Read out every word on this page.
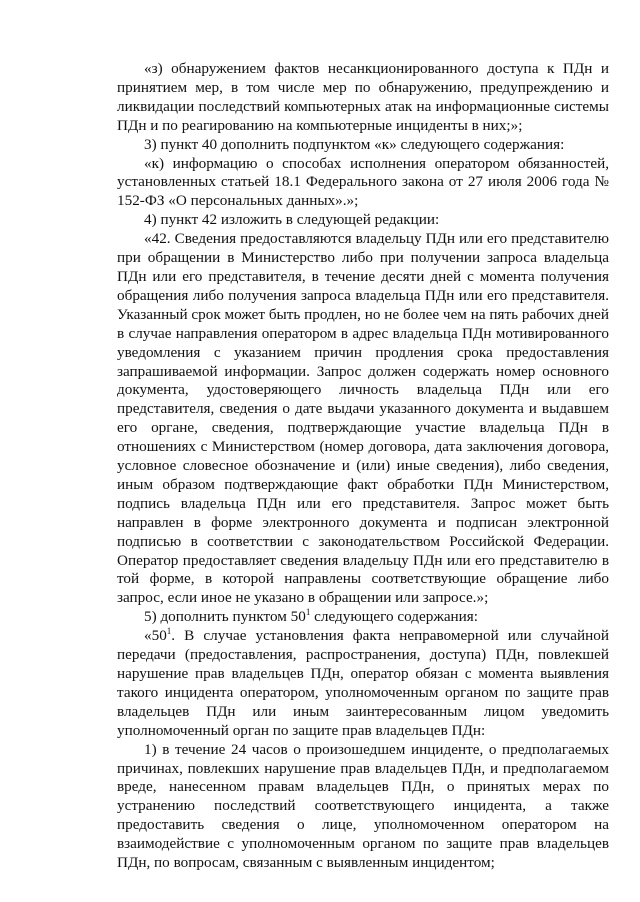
«з) обнаружением фактов несанкционированного доступа к ПДн и принятием мер, в том числе мер по обнаружению, предупреждению и ликвидации последствий компьютерных атак на информационные системы ПДн и по реагированию на компьютерные инциденты в них;»;

3) пункт 40 дополнить подпунктом «к» следующего содержания:

«к) информацию о способах исполнения оператором обязанностей, установленных статьей 18.1 Федерального закона от 27 июля 2006 года № 152-ФЗ «О персональных данных».»;

4) пункт 42 изложить в следующей редакции:

«42. Сведения предоставляются владельцу ПДн или его представителю при обращении в Министерство либо при получении запроса владельца ПДн или его представителя, в течение десяти дней с момента получения обращения либо получения запроса владельца ПДн или его представителя. Указанный срок может быть продлен, но не более чем на пять рабочих дней в случае направления оператором в адрес владельца ПДн мотивированного уведомления с указанием причин продления срока предоставления запрашиваемой информации. Запрос должен содержать номер основного документа, удостоверяющего личность владельца ПДн или его представителя, сведения о дате выдачи указанного документа и выдавшем его органе, сведения, подтверждающие участие владельца ПДн в отношениях с Министерством (номер договора, дата заключения договора, условное словесное обозначение и (или) иные сведения), либо сведения, иным образом подтверждающие факт обработки ПДн Министерством, подпись владельца ПДн или его представителя. Запрос может быть направлен в форме электронного документа и подписан электронной подписью в соответствии с законодательством Российской Федерации. Оператор предоставляет сведения владельцу ПДн или его представителю в той форме, в которой направлены соответствующие обращение либо запрос, если иное не указано в обращении или запросе.»;

5) дополнить пунктом $50^1$ следующего содержания:

«$50^1$. В случае установления факта неправомерной или случайной передачи (предоставления, распространения, доступа) ПДн, повлекшей нарушение прав владельцев ПДн, оператор обязан с момента выявления такого инцидента оператором, уполномоченным органом по защите прав владельцев ПДн или иным заинтересованным лицом уведомить уполномоченный орган по защите прав владельцев ПДн:

1) в течение 24 часов о произошедшем инциденте, о предполагаемых причинах, повлекших нарушение прав владельцев ПДн, и предполагаемом вреде, нанесенном правам владельцев ПДн, о принятых мерах по устранению последствий соответствующего инцидента, а также предоставить сведения о лице, уполномоченном оператором на взаимодействие с уполномоченным органом по защите прав владельцев ПДн, по вопросам, связанным с выявленным инцидентом;
